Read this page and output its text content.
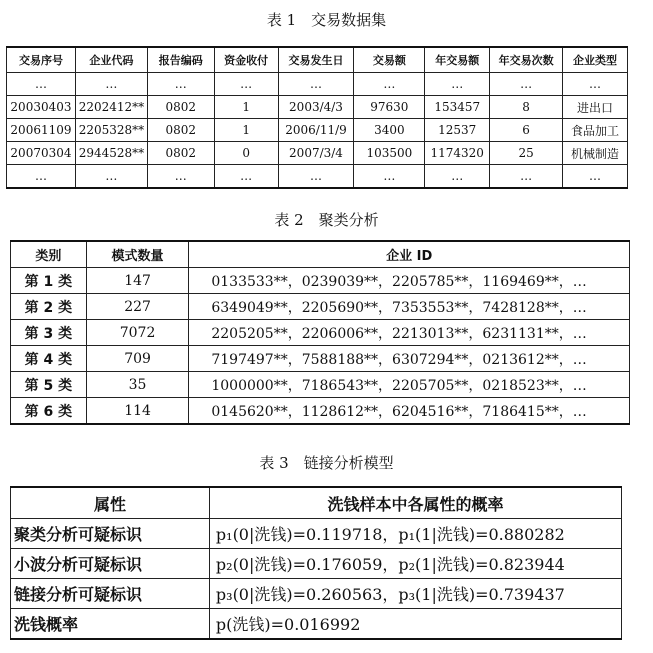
表 1　交易数据集
交易序号	企业代码	报告编码	资金收付	交易发生日	交易额	年交易额	年交易次数	企业类型
…	…	…	…	…	…	…	…	…
20030403	2202412**	0802	1	2003/4/3	97630	153457	8	进出口
20061109	2205328**	0802	1	2006/11/9	3400	12537	6	食品加工
20070304	2944528**	0802	0	2007/3/4	103500	1174320	25	机械制造
…	…	…	…	…	…	…	…	…
表 2　聚类分析
类别	模式数量	企业 ID
第 1 类	147	0133533**，0239039**，2205785**，1169469**，…
第 2 类	227	6349049**，2205690**，7353553**，7428128**，…
第 3 类	7072	2205205**，2206006**，2213013**，6231131**，…
第 4 类	709	7197497**，7588188**，6307294**，0213612**，…
第 5 类	35	1000000**，7186543**，2205705**，0218523**，…
第 6 类	114	0145620**，1128612**，6204516**，7186415**，…
表 3　链接分析模型
属性	洗钱样本中各属性的概率
聚类分析可疑标识	p₁(0|洗钱)=0.119718，p₁(1|洗钱)=0.880282
小波分析可疑标识	p₂(0|洗钱)=0.176059，p₂(1|洗钱)=0.823944
链接分析可疑标识	p₃(0|洗钱)=0.260563，p₃(1|洗钱)=0.739437
洗钱概率	p(洗钱)=0.016992
